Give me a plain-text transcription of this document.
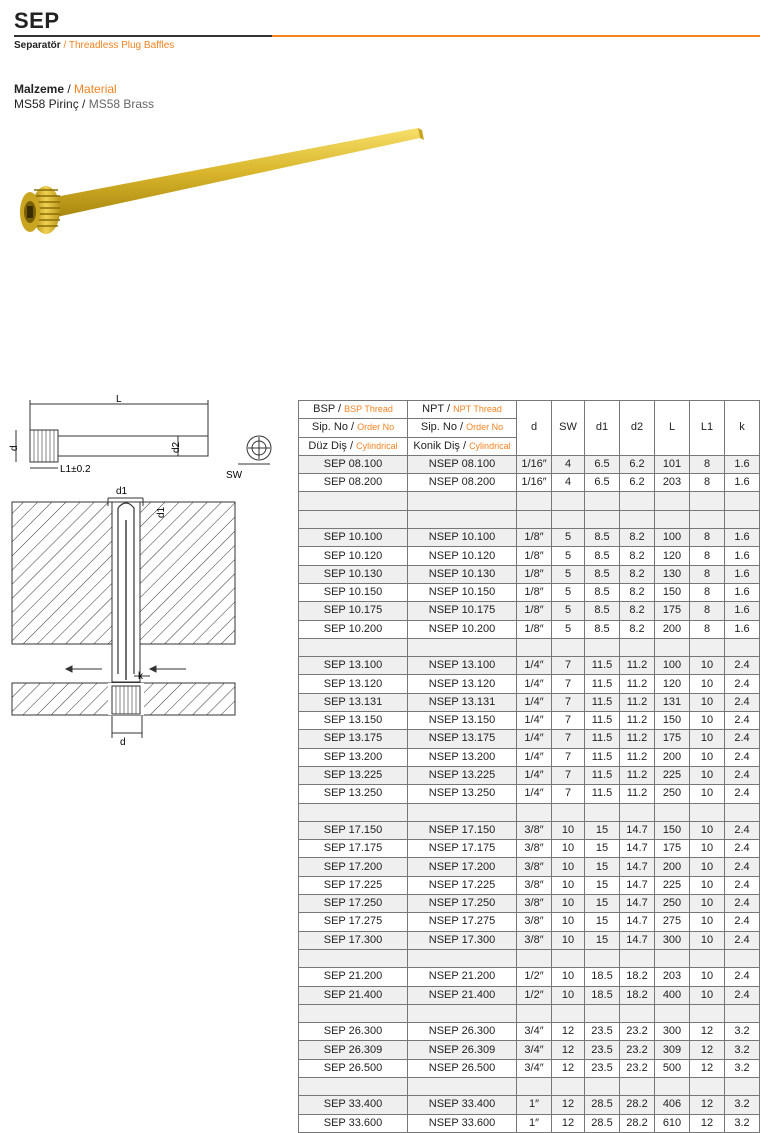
SEP
Separatör / Threadless Plug Baffles
Malzeme / Material
MS58 Pirinç / MS58 Brass
L
d	d2
L1±0.2
SW
d1
d1
k
d
BSP / BSP Thread	NPT / NPT Thread	d	SW	d1	d2	L	L1	k
Sip. No / Order No	Sip. No / Order No							
Düz Diş / Cylindrical	Konik Diş / Cylindrical							
SEP 08.100	NSEP 08.100	1/16″	4	6.5	6.2	101	8	1.6
SEP 08.200	NSEP 08.200	1/16″	4	6.5	6.2	203	8	1.6

SEP 10.100	NSEP 10.100	1/8″	5	8.5	8.2	100	8	1.6
SEP 10.120	NSEP 10.120	1/8″	5	8.5	8.2	120	8	1.6
SEP 10.130	NSEP 10.130	1/8″	5	8.5	8.2	130	8	1.6
SEP 10.150	NSEP 10.150	1/8″	5	8.5	8.2	150	8	1.6
SEP 10.175	NSEP 10.175	1/8″	5	8.5	8.2	175	8	1.6
SEP 10.200	NSEP 10.200	1/8″	5	8.5	8.2	200	8	1.6

SEP 13.100	NSEP 13.100	1/4″	7	11.5	11.2	100	10	2.4
SEP 13.120	NSEP 13.120	1/4″	7	11.5	11.2	120	10	2.4
SEP 13.131	NSEP 13.131	1/4″	7	11.5	11.2	131	10	2.4
SEP 13.150	NSEP 13.150	1/4″	7	11.5	11.2	150	10	2.4
SEP 13.175	NSEP 13.175	1/4″	7	11.5	11.2	175	10	2.4
SEP 13.200	NSEP 13.200	1/4″	7	11.5	11.2	200	10	2.4
SEP 13.225	NSEP 13.225	1/4″	7	11.5	11.2	225	10	2.4
SEP 13.250	NSEP 13.250	1/4″	7	11.5	11.2	250	10	2.4

SEP 17.150	NSEP 17.150	3/8″	10	15	14.7	150	10	2.4
SEP 17.175	NSEP 17.175	3/8″	10	15	14.7	175	10	2.4
SEP 17.200	NSEP 17.200	3/8″	10	15	14.7	200	10	2.4
SEP 17.225	NSEP 17.225	3/8″	10	15	14.7	225	10	2.4
SEP 17.250	NSEP 17.250	3/8″	10	15	14.7	250	10	2.4
SEP 17.275	NSEP 17.275	3/8″	10	15	14.7	275	10	2.4
SEP 17.300	NSEP 17.300	3/8″	10	15	14.7	300	10	2.4

SEP 21.200	NSEP 21.200	1/2″	10	18.5	18.2	203	10	2.4
SEP 21.400	NSEP 21.400	1/2″	10	18.5	18.2	400	10	2.4

SEP 26.300	NSEP 26.300	3/4″	12	23.5	23.2	300	12	3.2
SEP 26.309	NSEP 26.309	3/4″	12	23.5	23.2	309	12	3.2
SEP 26.500	NSEP 26.500	3/4″	12	23.5	23.2	500	12	3.2

SEP 33.400	NSEP 33.400	1″	12	28.5	28.2	406	12	3.2
SEP 33.600	NSEP 33.600	1″	12	28.5	28.2	610	12	3.2
